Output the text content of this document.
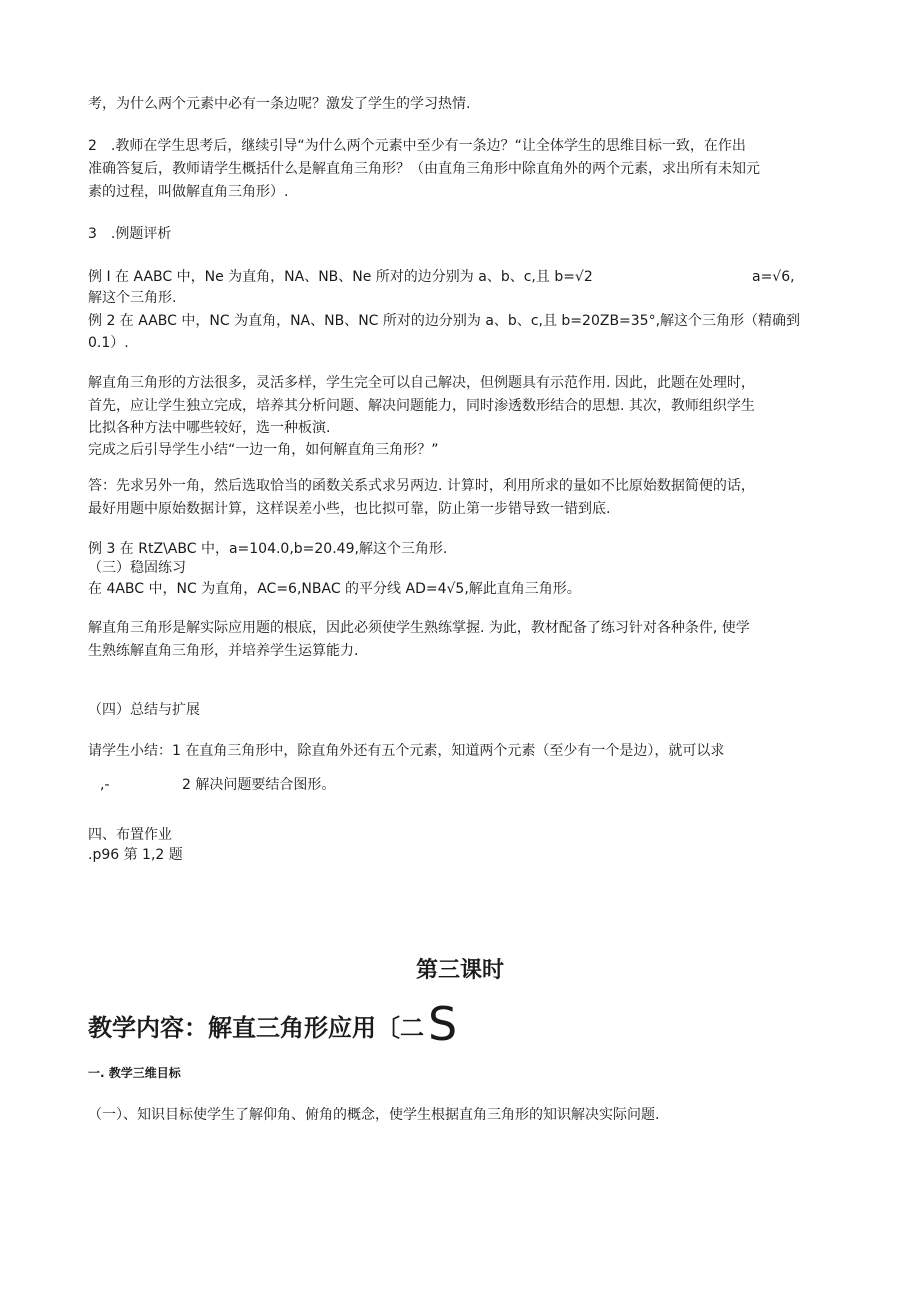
考，为什么两个元素中必有一条边呢？激发了学生的学习热情.
2　.教师在学生思考后，继续引导“为什么两个元素中至少有一条边？“让全体学生的思维目标一致，在作出
准确答复后，教师请学生概括什么是解直角三角形？（由直角三角形中除直角外的两个元素，求出所有未知元
素的过程，叫做解直角三角形）.
3　.例题评析
例 I 在 AABC 中，Ne 为直角，NA、NB、Ne 所对的边分别为 a、b、c,且 b=√2	a=√6,
解这个三角形.
例 2 在 AABC 中，NC 为直角，NA、NB、NC 所对的边分别为 a、b、c,且 b=20ZB=35°,解这个三角形（精确到
0.1）.
解直角三角形的方法很多，灵活多样，学生完全可以自己解决，但例题具有示范作用. 因此，此题在处理时，
首先，应让学生独立完成，培养其分析问题、解决问题能力，同时渗透数形结合的思想. 其次，教师组织学生
比拟各种方法中哪些较好，选一种板演.
完成之后引导学生小结“一边一角，如何解直角三角形？”
答：先求另外一角，然后选取恰当的函数关系式求另两边. 计算时，利用所求的量如不比原始数据简便的话，
最好用题中原始数据计算，这样误差小些，也比拟可靠，防止第一步错导致一错到底.
例 3 在 RtZ\ABC 中，a=104.0,b=20.49,解这个三角形.
（三）稳固练习
在 4ABC 中，NC 为直角，AC=6,NBAC 的平分线 AD=4√5,解此直角三角形。
解直角三角形是解实际应用题的根底，因此必须使学生熟练掌握. 为此，教材配备了练习针对各种条件, 使学
生熟练解直角三角形，并培养学生运算能力.
（四）总结与扩展
请学生小结：1 在直角三角形中，除直角外还有五个元素，知道两个元素（至少有一个是边），就可以求
,-	2 解决问题要结合图形。
四、布置作业
.p96 第 1,2 题
第三课时
教学内容：解直三角形应用〔二S
一. 教学三维目标
（一）、知识目标使学生了解仰角、俯角的概念，使学生根据直角三角形的知识解决实际问题.
